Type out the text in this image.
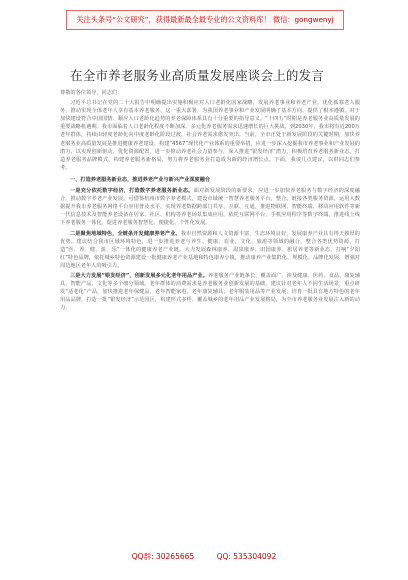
关注头条号“公文研究”，获得最新最全最专业的公文资料库！ 微信：gongwenyj
在全市养老服务业高质量发展座谈会上的发言
尊敬的各位领导，同志们：
习近平总书记在党的二十大报告中明确提出实施积极应对人口老龄化国家战略，发展养老事业和养老产业，优化孤寡老人服务，推动实现全体老年人享有基本养老服务。这一重大部署，为我国养老事业和产业发展明确了基本方向，提供了根本遵循。对于加快建设符合中国国情、顺应人口老龄化趋势的养老保障体系具有十分重要的指导意义。“十四五”时期是养老服务业高质量发展的重要战略机遇期。我市面临着人口老龄化程度不断加深、多元化养老服务需求迅速增长的巨大挑战，到2030年，我市将有近200万老年群体，持续由轻度老龄化向中度老龄化阶段过渡，社会养老需求愈发突出。当前，全市正处于新发展阶段的关键时期，加快养老服务业高质量发展是推进健康养老建设、构建“4567”现代化产业体系的重要举措，应进一步深入挖掘我市养老事业和产业发展的潜力，以实现创新驱动、优化资源配置，进一步推动养老社会力量参与，深入推进“银发经济”潜力，积极培育养老服务新业态，打造养老服务品牌模式，构建养老服务新格局，努力将养老服务业打造成为新的经济增长点。下面，我谈几点建议，以供同志们参考。
一、打造养老服务新业态，推进养老产业与新兴产业深度融合
一是充分依托数字经济，打造数字养老服务新业态。面对新发展阶段的新要求，应进一步加快养老服务与数字经济的深度融合，推动数字养老产业发展。可借鉴杭州市数字养老模式，建设市域统一智慧养老服务平台，整合、链接各类服务资源，运用大数据提升我市养老服务网络平台应用普及水平，实现养老数据跨部门共享、互联、互通，推进物联网、智能终端、移动应用软件等新一代信息技术及智能养老设备在居家、社区、机构等养老场景集成应用。依托互联网平台、手机应用程序等数字终端，推进线上线下养老服务一体化，促进养老服务智慧化、便捷化、个性化发展。
二是聚焦地域特色，全链条开发健康养老产业。我市自然资源和人文资源丰富，生态环境良好，发展康养产业具有得天独厚的优势。建议结合我市区域环境特色，进一步推进养老与养生、健康、农业、文化、旅游等领域的融合，整合各类优势资源，打造“医、养、健、游、乐”一体化的健康养老产业链。大力发展森林康养、温泉康养、田园康养、旅居养老等新业态，打响“夕阳红”特色品牌，依托城乡特色资源建设一批健康养老产业基地和特色康养小镇，推动康养产业集群化、规模化、品牌化发展，增强对周边地区老年人的吸引力。
三是大力发展“银发经济”，创新发展多元化老年用品产业。养老服务产业链条长、覆盖面广，涉及健康、医药、食品、康复辅具、智能产品、文化等多个细分领域。老年群体的消费需求是养老服务业创新发展的基础，建议针对老年人不同生活场景，重点研发“适老化”产品，加快推进老年保健品、老年智能家电、老年康复辅具、老年服装用品等产业发展，培育一批具有地方特色的老年用品品牌，打造一批“银发经济”示范园区，构建形式多样、覆盖城乡的老年用品产业发展格局，为全市养老服务业发展注入新的动力。
QQ群: 30265665	QQ: 535304092
